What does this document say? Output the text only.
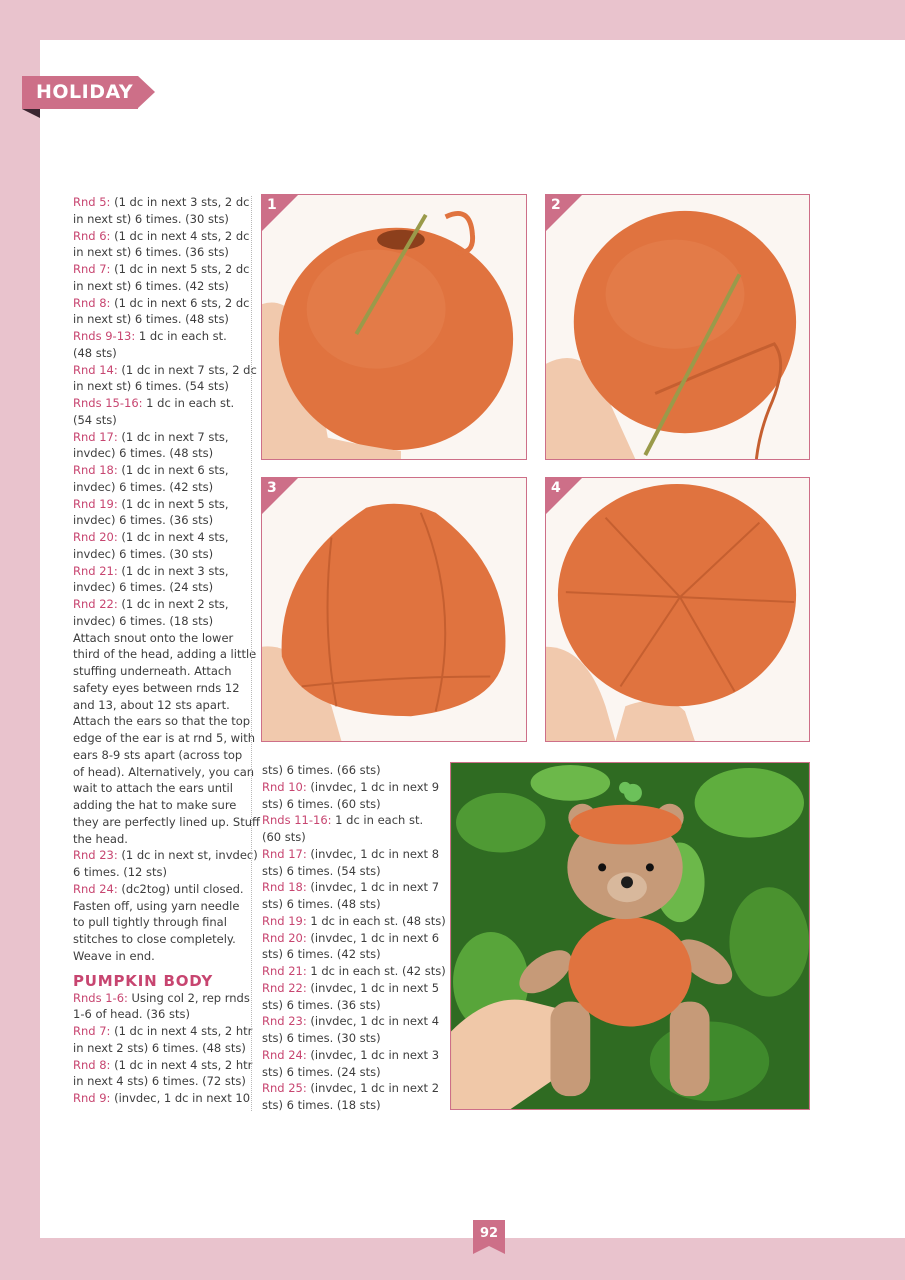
HOLIDAY
Rnd 5: (1 dc in next 3 sts, 2 dc
in next st) 6 times. (30 sts)
Rnd 6: (1 dc in next 4 sts, 2 dc
in next st) 6 times. (36 sts)
Rnd 7: (1 dc in next 5 sts, 2 dc
in next st) 6 times. (42 sts)
Rnd 8: (1 dc in next 6 sts, 2 dc
in next st) 6 times. (48 sts)
Rnds 9-13: 1 dc in each st.
(48 sts)
Rnd 14: (1 dc in next 7 sts, 2 dc
in next st) 6 times. (54 sts)
Rnds 15-16: 1 dc in each st.
(54 sts)
Rnd 17: (1 dc in next 7 sts,
invdec) 6 times. (48 sts)
Rnd 18: (1 dc in next 6 sts,
invdec) 6 times. (42 sts)
Rnd 19: (1 dc in next 5 sts,
invdec) 6 times. (36 sts)
Rnd 20: (1 dc in next 4 sts,
invdec) 6 times. (30 sts)
Rnd 21: (1 dc in next 3 sts,
invdec) 6 times. (24 sts)
Rnd 22: (1 dc in next 2 sts,
invdec) 6 times. (18 sts)
Attach snout onto the lower
third of the head, adding a little
stuffing underneath. Attach
safety eyes between rnds 12
and 13, about 12 sts apart.
Attach the ears so that the top
edge of the ear is at rnd 5, with
ears 8-9 sts apart (across top
of head). Alternatively, you can
wait to attach the ears until
adding the hat to make sure
they are perfectly lined up. Stuff
the head.
Rnd 23: (1 dc in next st, invdec)
6 times. (12 sts)
Rnd 24: (dc2tog) until closed.
Fasten off, using yarn needle
to pull tightly through final
stitches to close completely.
Weave in end.
PUMPKIN BODY
Rnds 1-6: Using col 2, rep rnds
1-6 of head. (36 sts)
Rnd 7: (1 dc in next 4 sts, 2 htr
in next 2 sts) 6 times. (48 sts)
Rnd 8: (1 dc in next 4 sts, 2 htr
in next 4 sts) 6 times. (72 sts)
Rnd 9: (invdec, 1 dc in next 10
sts) 6 times. (66 sts)
Rnd 10: (invdec, 1 dc in next 9
sts) 6 times. (60 sts)
Rnds 11-16: 1 dc in each st.
(60 sts)
Rnd 17: (invdec, 1 dc in next 8
sts) 6 times. (54 sts)
Rnd 18: (invdec, 1 dc in next 7
sts) 6 times. (48 sts)
Rnd 19: 1 dc in each st. (48 sts)
Rnd 20: (invdec, 1 dc in next 6
sts) 6 times. (42 sts)
Rnd 21: 1 dc in each st. (42 sts)
Rnd 22: (invdec, 1 dc in next 5
sts) 6 times. (36 sts)
Rnd 23: (invdec, 1 dc in next 4
sts) 6 times. (30 sts)
Rnd 24: (invdec, 1 dc in next 3
sts) 6 times. (24 sts)
Rnd 25: (invdec, 1 dc in next 2
sts) 6 times. (18 sts)
1	2
3	4
92
